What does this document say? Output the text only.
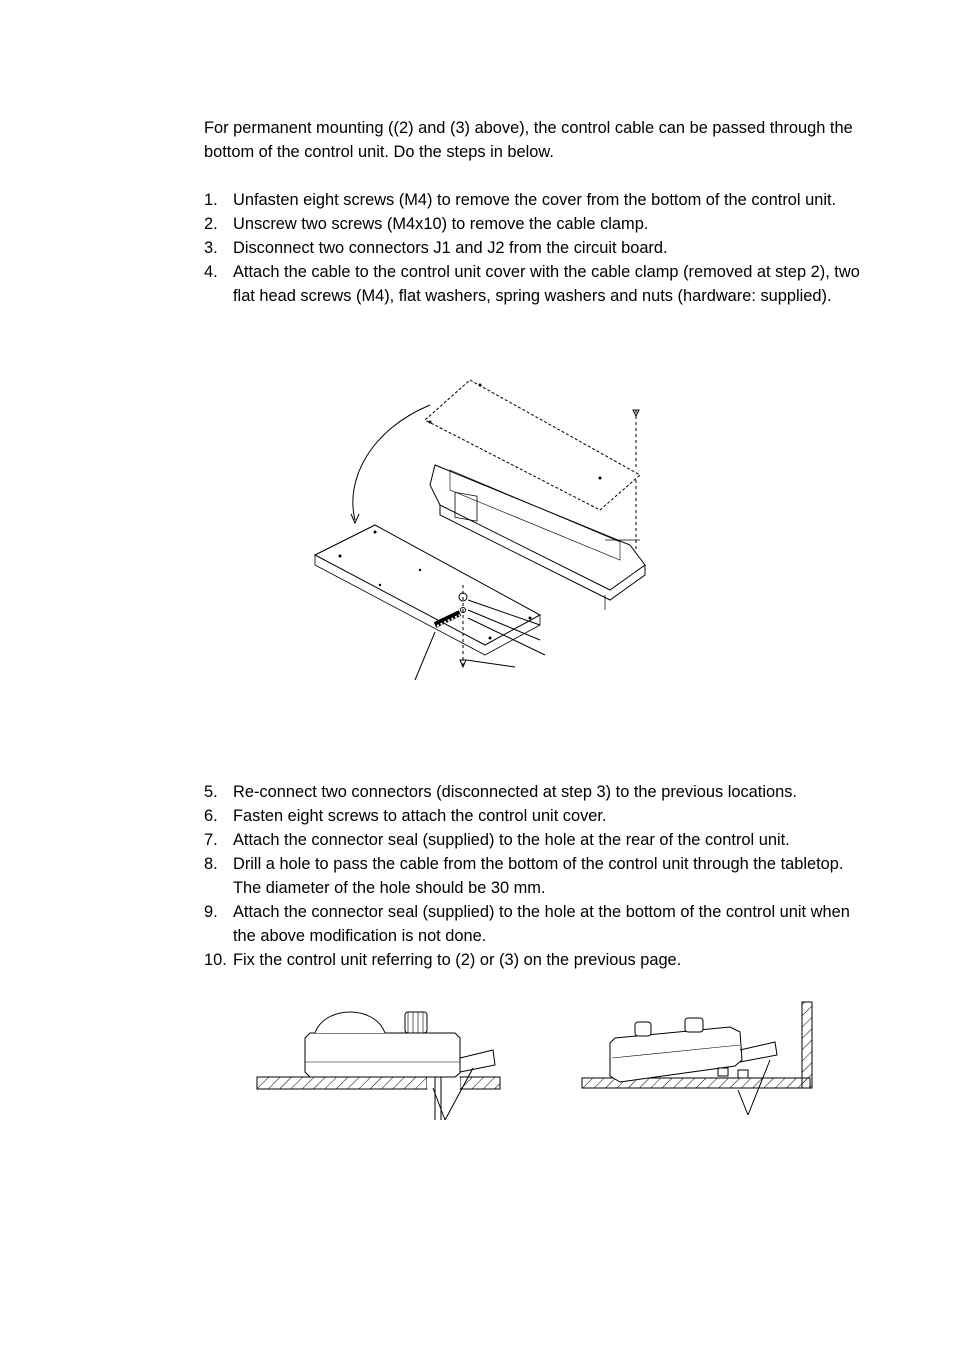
For permanent mounting ((2) and (3) above), the control cable can be passed through the bottom of the control unit. Do the steps in below.

1. Unfasten eight screws (M4) to remove the cover from the bottom of the control unit.
2. Unscrew two screws (M4x10) to remove the cable clamp.
3. Disconnect two connectors J1 and J2 from the circuit board.
4. Attach the cable to the control unit cover with the cable clamp (removed at step 2), two flat head screws (M4), flat washers, spring washers and nuts (hardware: supplied).
5. Re-connect two connectors (disconnected at step 3) to the previous locations.
6. Fasten eight screws to attach the control unit cover.
7. Attach the connector seal (supplied) to the hole at the rear of the control unit.
8. Drill a hole to pass the cable from the bottom of the control unit through the tabletop. The diameter of the hole should be 30 mm.
9. Attach the connector seal (supplied) to the hole at the bottom of the control unit when the above modification is not done.
10. Fix the control unit referring to (2) or (3) on the previous page.
